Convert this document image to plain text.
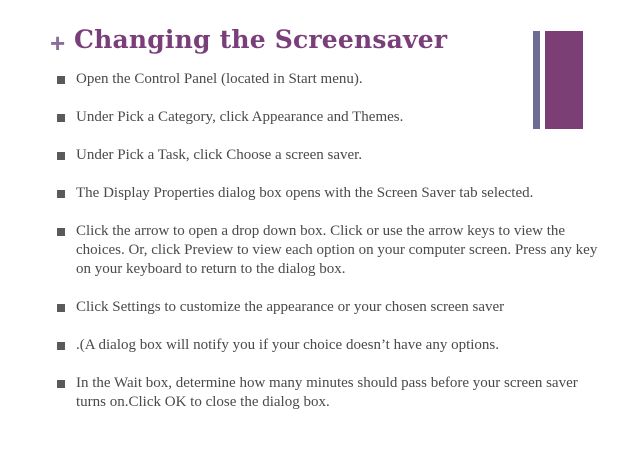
+ Changing the Screensaver
Open the Control Panel (located in Start menu).
Under Pick a Category, click Appearance and Themes.
Under Pick a Task, click Choose a screen saver.
The Display Properties dialog box opens with the Screen Saver tab selected.
Click the arrow to open a drop down box. Click or use the arrow keys to view the choices. Or, click Preview to view each option on your computer screen. Press any key on your keyboard to return to the dialog box.
Click Settings to customize the appearance or your chosen screen saver
.(A dialog box will notify you if your choice doesn’t have any options.
In the Wait box, determine how many minutes should pass before your screen saver turns on.Click OK to close the dialog box.
